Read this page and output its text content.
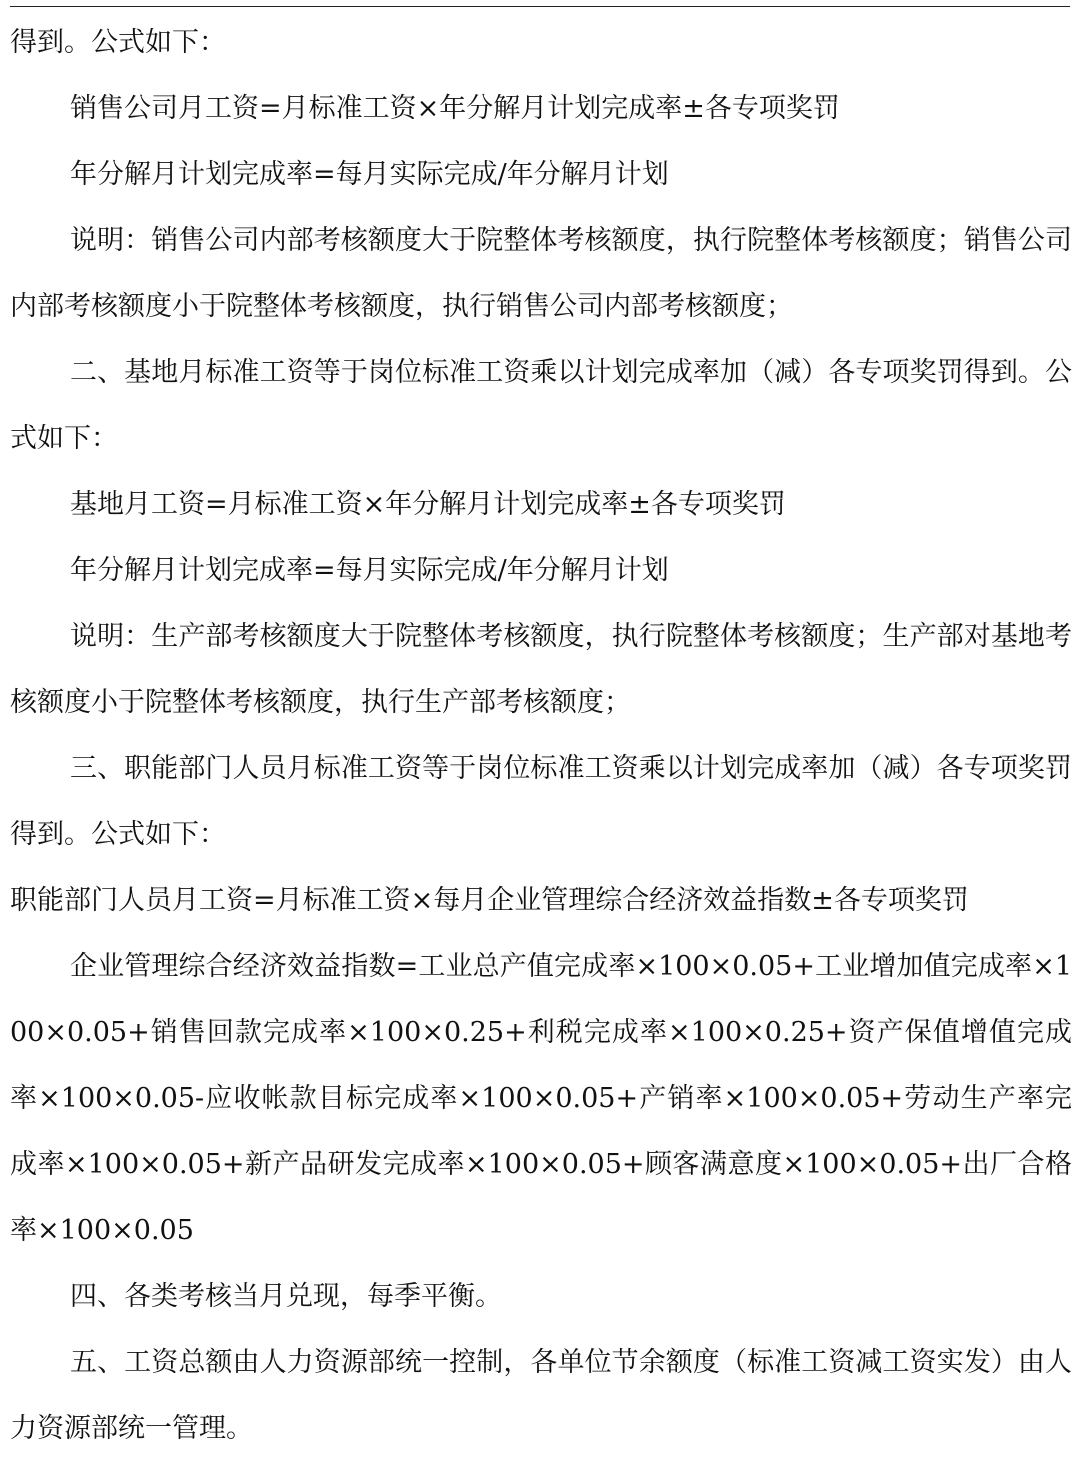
得到。公式如下：

销售公司月工资=月标准工资×年分解月计划完成率±各专项奖罚

年分解月计划完成率=每月实际完成/年分解月计划

说明：销售公司内部考核额度大于院整体考核额度，执行院整体考核额度；销售公司内部考核额度小于院整体考核额度，执行销售公司内部考核额度；

二、基地月标准工资等于岗位标准工资乘以计划完成率加（减）各专项奖罚得到。公式如下：

基地月工资=月标准工资×年分解月计划完成率±各专项奖罚

年分解月计划完成率=每月实际完成/年分解月计划

说明：生产部考核额度大于院整体考核额度，执行院整体考核额度；生产部对基地考核额度小于院整体考核额度，执行生产部考核额度；

三、职能部门人员月标准工资等于岗位标准工资乘以计划完成率加（减）各专项奖罚得到。公式如下：

职能部门人员月工资=月标准工资×每月企业管理综合经济效益指数±各专项奖罚

企业管理综合经济效益指数=工业总产值完成率×100×0.05+工业增加值完成率×100×0.05+销售回款完成率×100×0.25+利税完成率×100×0.25+资产保值增值完成率×100×0.05-应收帐款目标完成率×100×0.05+产销率×100×0.05+劳动生产率完成率×100×0.05+新产品研发完成率×100×0.05+顾客满意度×100×0.05+出厂合格率×100×0.05

四、各类考核当月兑现，每季平衡。

五、工资总额由人力资源部统一控制，各单位节余额度（标准工资减工资实发）由人力资源部统一管理。
